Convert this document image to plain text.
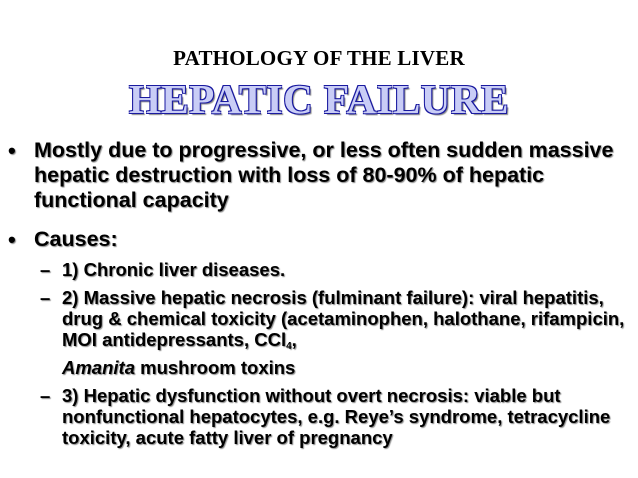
PATHOLOGY OF THE LIVER
HEPATIC FAILURE
• Mostly due to progressive, or less often sudden massive hepatic destruction with loss of 80-90% of hepatic functional capacity
• Causes:
– 1) Chronic liver diseases.
– 2) Massive hepatic necrosis (fulminant failure): viral hepatitis, drug & chemical toxicity (acetaminophen, halothane, rifampicin, MOI antidepressants, CCl$_4$,
Amanita mushroom toxins
– 3) Hepatic dysfunction without overt necrosis: viable but nonfunctional hepatocytes, e.g. Reye’s syndrome, tetracycline toxicity, acute fatty liver of pregnancy
